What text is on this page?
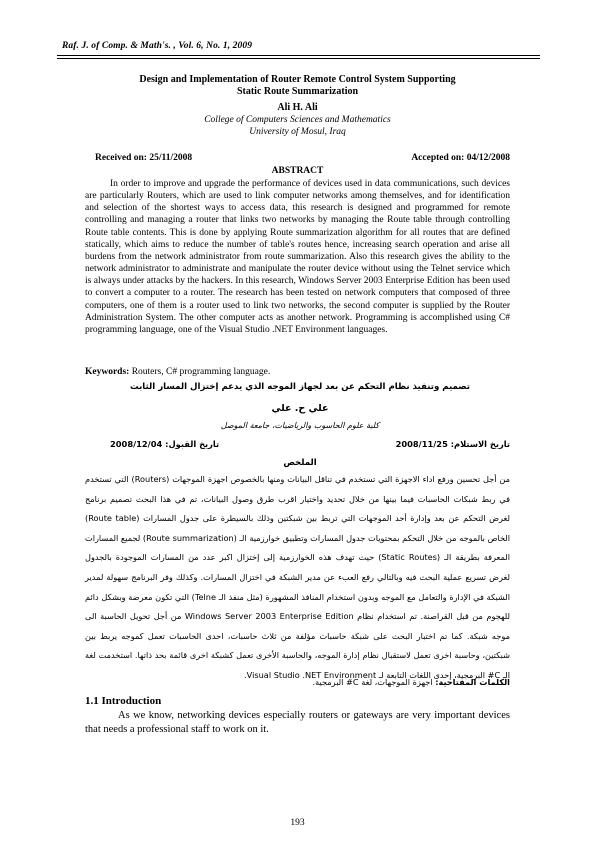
Raf. J. of Comp. & Math's. , Vol. 6, No. 1, 2009
Design and Implementation of Router Remote Control System Supporting
Static Route Summarization
Ali H. Ali
College of Computers Sciences and Mathematics
University of Mosul, Iraq
Received on: 25/11/2008	Accepted on: 04/12/2008
ABSTRACT

In order to improve and upgrade the performance of devices used in data communications, such devices are particularly Routers, which are used to link computer networks among themselves, and for identification and selection of the shortest ways to access data, this research is designed and programmed for remote controlling and managing a router that links two networks by managing the Route table through controlling Route table contents. This is done by applying Route summarization algorithm for all routes that are defined statically, which aims to reduce the number of table's routes hence, increasing search operation and arise all burdens from the network administrator from route summarization. Also this research gives the ability to the network administrator to administrate and manipulate the router device without using the Telnet service which is always under attacks by the hackers. In this research, Windows Server 2003 Enterprise Edition has been used to convert a computer to a router. The research has been tested on network computers that composed of three computers, one of them is a router used to link two networks, the second computer is supplied by the Router Administration System. The other computer acts as another network. Programming is accomplished using C# programming language, one of the Visual Studio .NET Environment languages.

Keywords: Routers, C# programming language.
تصميم وتنفيذ نظام التحكم عن بعد لجهاز الموجه الذي يدعم إختزال المسار الثابت
علي ح. علي
كلية علوم الحاسوب والرياضيات، جامعة الموصل
تاريخ الاستلام: 2008/11/25
تاريخ القبول: 2008/12/04
الملخص

من أجل تحسين ورفع اداء الاجهزة التي تستخدم في تناقل البيانات ومنها بالخصوص اجهزة الموجهات (Routers) التي تستخدم في ربط شبكات الحاسبات فيما بينها من خلال تحديد واختيار اقرب طرق وصول البيانات، تم في هذا البحث تصميم برنامج لغرض التحكم عن بعد وإدارة أحد الموجهات التي تربط بين شبكتين وذلك بالسيطرة على جدول المسارات (Route table) الخاص بالموجه من خلال التحكم بمحتويات جدول المسارات وتطبيق خوارزمية الـ (Route summarization) لجميع المسارات المعرفة بطريقة الـ (Static Routes) حيث تهدف هذه الخوارزمية إلى إختزال اكبر عدد من المسارات الموجودة بالجدول لغرض تسريع عملية البحث فيه وبالتالي رفع العبء عن مدير الشبكة في اختزال المسارات. وكذلك وفر البرنامج سهولة لمدير الشبكة في الإدارة والتعامل مع الموجه وبدون استخدام المنافذ المشهورة (مثل منفذ الـ Telne) التي تكون معرضة وبشكل دائم للهجوم من قبل القراصنة. تم استخدام نظام Windows Server 2003 Enterprise Edition من أجل تحويل الحاسبة الى موجه شبكة. كما تم اختبار البحث على شبكة حاسبات مؤلفة من ثلاث حاسبات، احدى الحاسبات تعمل كموجه يربط بين شبكتين، وحاسبة اخرى تعمل لاستقبال نظام إدارة الموجه، والحاسبة الأخرى تعمل كشبكة اخرى قائمة بحد ذاتها. استخدمت لغة الـ C# البرمجية، إحدى اللغات التابعة لـ Visual Studio .NET Environment.

الكلمات المفتاحية: اجهزة الموجهات، لغة C# البرمجية.
1.1 Introduction

As we know, networking devices especially routers or gateways are very important devices that needs a professional staff to work on it.

193
